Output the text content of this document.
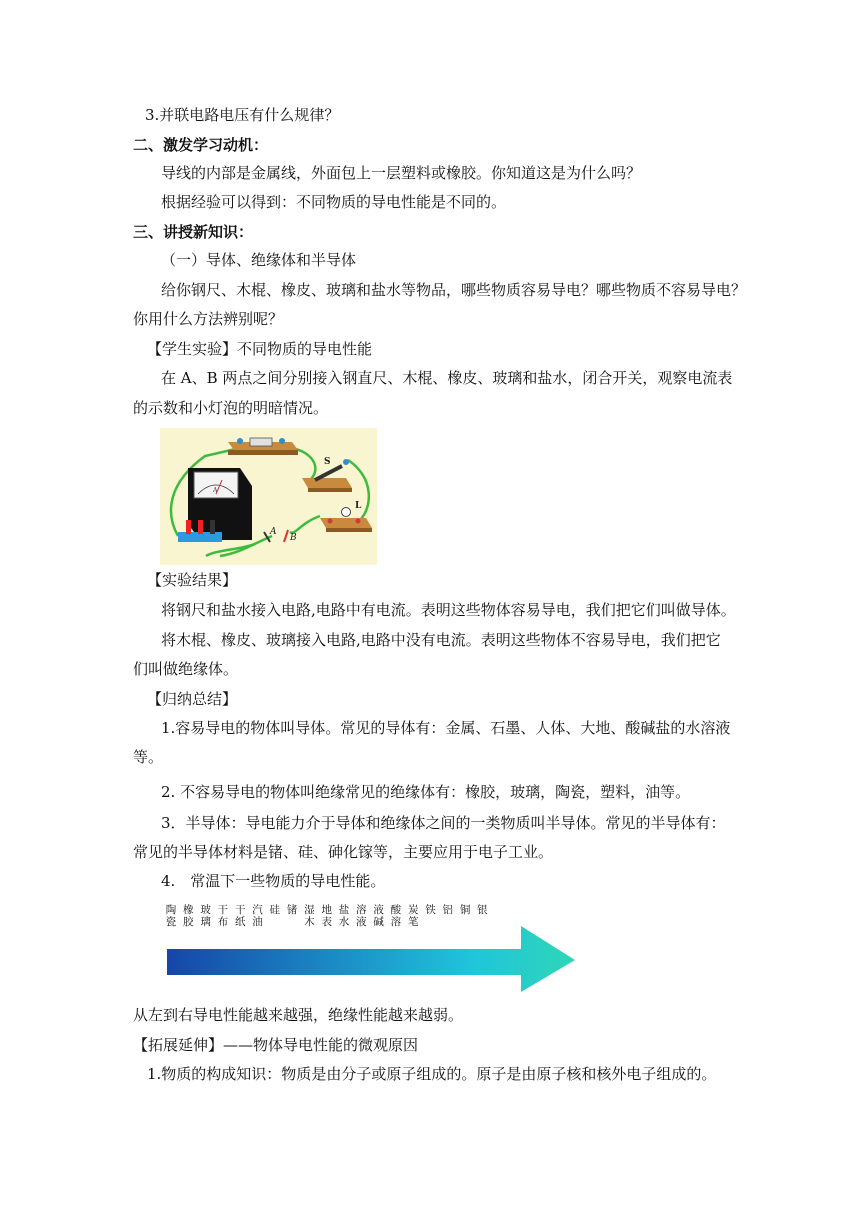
3.并联电路电压有什么规律？
二、激发学习动机：
导线的内部是金属线，外面包上一层塑料或橡胶。你知道这是为什么吗？
根据经验可以得到：不同物质的导电性能是不同的。
三、讲授新知识：
（一）导体、绝缘体和半导体
给你钢尺、木棍、橡皮、玻璃和盐水等物品，哪些物质容易导电？哪些物质不容易导电？
你用什么方法辨别呢？
【学生实验】不同物质的导电性能
在 A、B 两点之间分别接入钢直尺、木棍、橡皮、玻璃和盐水，闭合开关，观察电流表
的示数和小灯泡的明暗情况。
S
L
A
A
B
【实验结果】
将钢尺和盐水接入电路,电路中有电流。表明这些物体容易导电，我们把它们叫做导体。
将木棍、橡皮、玻璃接入电路,电路中没有电流。表明这些物体不容易导电，我们把它
们叫做绝缘体。
【归纳总结】
1.容易导电的物体叫导体。常见的导体有：金属、石墨、人体、大地、酸碱盐的水溶液
等。
2. 不容易导电的物体叫绝缘常见的绝缘体有：橡胶，玻璃，陶瓷，塑料，油等。
3．半导体：导电能力介于导体和绝缘体之间的一类物质叫半导体。常见的半导体有：
常见的半导体材料是锗、硅、砷化镓等，主要应用于电子工业。
4.　常温下一些物质的导电性能。
陶
瓷
橡
胶
玻
璃
干
布
干
纸
汽
油
硅 锗 湿
木
地
表
盐
水
溶
液
液
碱
酸
溶
炭
笔
铁 铝 铜 银
从左到右导电性能越来越强，绝缘性能越来越弱。
【拓展延伸】——物体导电性能的微观原因
1.物质的构成知识：物质是由分子或原子组成的。原子是由原子核和核外电子组成的。
